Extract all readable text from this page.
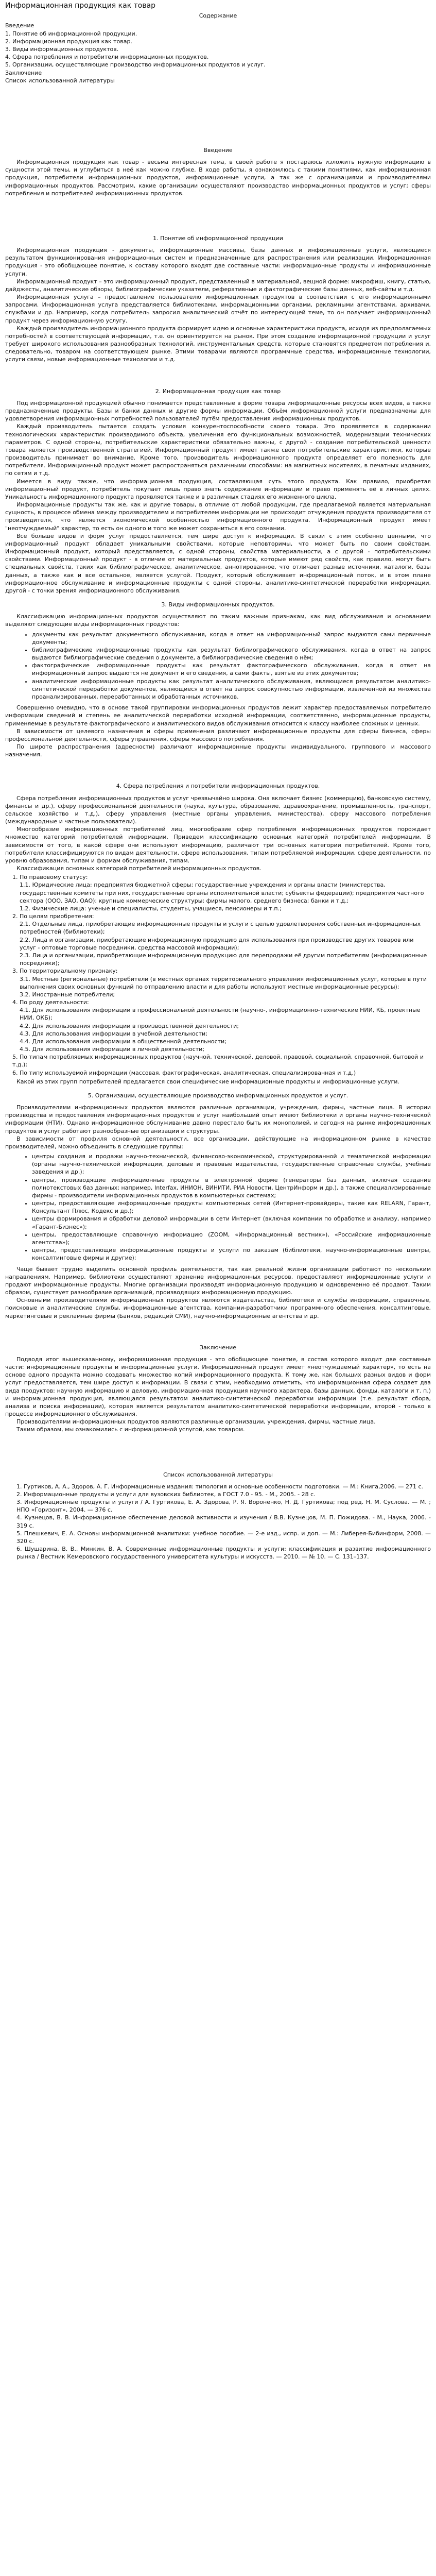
Информационная продукция как товар
Содержание
Введение
1. Понятие об информационной продукции.
2. Информационная продукция как товар.
3. Виды информационных продуктов.
4. Сфера потребления и потребители информационных продуктов.
5. Организации, осуществляющие производство информационных продуктов и услуг.
Заключение
Список использованной литературы
Введение

Информационная продукция как товар - весьма интересная тема, в своей работе я постараюсь изложить нужную информацию в сущности этой темы, и углубиться в неё как можно глубже. В ходе работы, я ознакомлюсь с такими понятиями, как информационная продукция, потребители информационных продуктов, информационные услуги, а так же с организациями и производителями информационных продуктов. Рассмотрим, какие организации осуществляют производство информационных продуктов и услуг; сферы потребления и потребителей информационных продуктов.

1. Понятие об информационной продукции

Информационная продукция - документы, информационные массивы, базы данных и информационные услуги, являющиеся результатом функционирования информационных систем и предназначенные для распространения или реализации. Информационная продукция - это обобщающее понятие, к составу которого входят две составные части: информационные продукты и информационные услуги.

Информационный продукт – это информационный продукт, представленный в материальной, вещной форме: микрофиш, книгу, статью, дайджесты, аналитические обзоры, библиографические указатели, реферативные и фактографические базы данных, веб-сайты и т.д.

Информационная услуга – предоставление пользователю информационных продуктов в соответствии с его информационными запросами. Информационная услуга представляется библиотеками, информационными органами, рекламными агентствами, архивами, службами и др. Например, когда потребитель запросил аналитический отчёт по интересующей теме, то он получает информационный продукт через информационную услугу.

Каждый производитель информационного продукта формирует идею и основные характеристики продукта, исходя из предполагаемых потребностей в соответствующей информации, т.е. он ориентируется на рынок. При этом создание информационной продукции и услуг требует широкого использования разнообразных технологий, инструментальных средств, которые становятся предметом потребления и, следовательно, товаром на соответствующем рынке. Этими товарами являются программные средства, информационные технологии, услуги связи, новые информационные технологии и т.д.

2. Информационная продукция как товар

Под информационной продукцией обычно понимается представленные в форме товара информационные ресурсы всех видов, а также предназначенные продукты. Базы и банки данных и другие формы информации. Объём информационной услуги предназначены для удовлетворения информационных потребностей пользователей путём предоставления информационных продуктов.

Каждый производитель пытается создать условия конкурентоспособности своего товара. Это проявляется в содержании технологических характеристик производимого объекта, увеличения его функциональных возможностей, модернизации технических параметров. С одной стороны, потребительские характеристики обязательно важны, с другой - создание потребительской ценности товара является производственной стратегией. Информационный продукт имеет также свои потребительские характеристики, которые производитель принимает во внимание. Кроме того, производитель информационного продукта определяет его полезность для потребителя. Информационный продукт может распространяться различными способами: на магнитных носителях, в печатных изданиях, по сетям и т.д.

Имеется в виду также, что информационная продукция, составляющая суть этого продукта. Как правило, приобретая информационный продукт, потребитель покупает лишь право знать содержание информации и право применять её в личных целях. Уникальность информационного продукта проявляется также и в различных стадиях его жизненного цикла.

Информационные продукты так же, как и другие товары, в отличие от любой продукции, где предлагаемой является материальная сущность, в процессе обмена между производителем и потребителем информации не происходит отчуждения продукта производителя от производителя, что является экономической особенностью информационного продукта. Информационный продукт имеет "неотчуждаемый" характер, то есть он одного и того же может сохраниться в его сознании.

Все больше видов и форм услуг предоставляется, тем шире доступ к информации. В связи с этим особенно ценными, что информационный продукт обладает уникальными свойствами, которые неповторимы, что может быть по своим свойствам. Информационный продукт, который представляется, с одной стороны, свойства материальности, а с другой - потребительскими свойствами. Информационный продукт - в отличие от материальных продуктов, которые имеют ряд свойств, как правило, могут быть специальных свойств, таких как библиографическое, аналитическое, аннотированное, что отличает разные источники, каталоги, базы данных, а также как и все остальное, является услугой. Продукт, который обслуживает информационный поток, и в этом плане информационное обслуживание и информационные продукты с одной стороны, аналитико-синтетической переработки информации, другой - с точки зрения информационного обслуживания.

3. Виды информационных продуктов.

Классификацию информационных продуктов осуществляют по таким важным признакам, как вид обслуживания и основанием выделяют следующие виды информационных продуктов:

• документы как результат документного обслуживания, когда в ответ на информационный запрос выдаются сами первичные документы;
• библиографические информационные продукты как результат библиографического обслуживания, когда в ответ на запрос выдаются библиографические сведения о документе, а библиографические сведения о нём;
• фактографические информационные продукты как результат фактографического обслуживания, когда в ответ на информационный запрос выдаются не документ и его сведения, а сами факты, взятые из этих документов;
• аналитические информационные продукты как результат аналитического обслуживания, являющиеся результатом аналитико-синтетической переработки документов, являющиеся в ответ на запрос совокупностью информации, извлеченной из множества проанализированных, переработанных и обработанных источников.

Совершенно очевидно, что в основе такой группировки информационных продуктов лежит характер предоставляемых потребителю информации сведений и степень ее аналитической переработки исходной информации, соответственно, информационные продукты, применяемые в результате фактографического и аналитического видов обслуживания относится к классу наиболее сложных и ценных.

В зависимости от целевого назначения и сферы применения различают информационные продукты для сферы бизнеса, сферы профессиональной деятельности, сферы управления, сферы массового потребления.

По широте распространения (адресности) различают информационные продукты индивидуального, группового и массового назначения.

4. Сфера потребления и потребители информационных продуктов.

Сфера потребления информационных продуктов и услуг чрезвычайно широка. Она включает бизнес (коммерцию), банковскую систему, финансы и др.), сферу профессиональной деятельности (наука, культура, образование, здравоохранение, промышленность, транспорт, сельское хозяйство и т.д.), сферу управления (местные органы управления, министерства), сферу массового потребления (международные и частные пользователи).

Многообразие информационных потребителей лиц, многообразие сфер потребления информационных продуктов порождает множество категорий потребителей информации. Приведем классификацию основных категорий потребителей информации. В зависимости от того, в какой сфере они используют информацию, различают три основных категории потребителей. Кроме того, потребители классифицируются по видам деятельности, сфере использования, типам потребляемой информации, сфере деятельности, по уровню образования, типам и формам обслуживания, типам.

Классификация основных категорий потребителей информационных продуктов.

1. По правовому статусу:
1.1. Юридические лица: предприятия бюджетной сферы; государственные учреждения и органы власти (министерства, государственные комитеты при них, государственные органы исполнительной власти; субъекты федерации); предприятия частного сектора (ООО, ЗАО, ОАО); крупные коммерческие структуры; фирмы малого, среднего бизнеса; банки и т.д.;
1.2. Физические лица: ученые и специалисты, студенты, учащиеся, пенсионеры и т.п.;
2. По целям приобретения:
2.1. Отдельные лица, приобретающие информационные продукты и услуги с целью удовлетворения собственных информационных потребностей (библиотеки);
2.2. Лица и организации, приобретающие информационную продукцию для использования при производстве других товаров или услуг - оптовые торговые посредники, средства массовой информации);
2.3. Лица и организации, приобретающие информационную продукцию для перепродажи её другим потребителям (информационные посредники);
3. По территориальному признаку:
3.1. Местные (региональные) потребители (в местных органах территориального управления информационных услуг, которые в пути выполнения своих основных функций по отправлению власти и для работы используют местные информационные ресурсы);
3.2. Иностранные потребители;
4. По роду деятельности:
4.1. Для использования информации в профессиональной деятельности (научно-, информационно-технические НИИ, КБ, проектные НИИ, ОКБ);
4.2. Для использования информации в производственной деятельности;
4.3. Для использования информации в учебной деятельности;
4.4. Для использования информации в общественной деятельности;
4.5. Для использования информации в личной деятельности;
5. По типам потребляемых информационных продуктов (научной, технической, деловой, правовой, социальной, справочной, бытовой и т.д.);
6. По типу используемой информации (массовая, фактографическая, аналитическая, специализированная и т.д.)

Какой из этих групп потребителей предлагается свои специфические информационные продукты и информационные услуги.

5. Организации, осуществляющие производство информационных продуктов и услуг.

Производителями информационных продуктов являются различные организации, учреждения, фирмы, частные лица. В истории производства и предоставления информационных продуктов и услуг наибольший опыт имеют библиотеки и органы научно-технической информации (НТИ). Однако информационное обслуживание давно перестало быть их монополией, и сегодня на рынке информационных продуктов и услуг работают разнообразные организации и структуры.

В зависимости от профиля основной деятельности, все организации, действующие на информационном рынке в качестве производителей, можно объединить в следующие группы:

• центры создания и продажи научно-технической, финансово-экономической, структурированной и тематической информации (органы научно-технической информации, деловые и правовые издательства, государственные справочные службы, учебные заведения и др.);
• центры, производящие информационные продукты в электронной форме (генераторы баз данных, включая создание полнотекстовых баз данных; например, Interfax, ИНИОН, ВИНИТИ, РИА Новости, ЦентрИнформ и др.), а также специализированные фирмы - производители информационных продуктов в компьютерных системах;
• центры, предоставляющие информационные продукты компьютерных сетей (Интернет-провайдеры, такие как RELARN, Гарант, Консультант Плюс, Кодекс и др.);
• центры формирования и обработки деловой информации в сети Интернет (включая компании по обработке и анализу, например «Гарант-Бизнес»);
• центры, предоставляющие справочную информацию (ZOOM, «Информационный вестник»), «Российские информационные агентства»);
• центры, предоставляющие информационные продукты и услуги по заказам (библиотеки, научно-информационные центры, консалтинговые фирмы и другие);

Чаще бывает трудно выделить основной профиль деятельности, так как реальной жизни организации работают по нескольким направлениям. Например, библиотеки осуществляют хранение информационных ресурсов, предоставляют информационные услуги и продают информационные продукты. Многие организации производят информационную продукцию и одновременно её продают. Таким образом, существует разнообразие организаций, производящих информационную продукцию.

Основными производителями информационных продуктов являются издательства, библиотеки и службы информации, справочные, поисковые и аналитические службы, информационные агентства, компании-разработчики программного обеспечения, консалтинговые, маркетинговые и рекламные фирмы (Банков, редакций СМИ), научно-информационные агентства и др.

Заключение

Подводя итог вышесказанному, информационная продукция - это обобщающее понятие, в состав которого входит две составные части: информационные продукты и информационные услуги. Информационный продукт имеет «неотчуждаемый характер», то есть на основе одного продукта можно создавать множество копий информационного продукта. К тому же, как больших разных видов и форм услуг предоставляется, тем шире доступ к информации. В связи с этим, необходимо отметить, что информационная сфера создает два вида продуктов: научную информацию и деловую, информационная продукция научного характера, базы данных, фонды, каталоги и т. п.) и информационная продукция, являющаяся результатом аналитико-синтетической переработки информации (т.е. результат сбора, анализа и поиска информации), которая является результатом аналитико-синтетической переработки информации, второй - только в процессе информационного обслуживания.

Производителями информационных продуктов являются различные организации, учреждения, фирмы, частные лица.

Таким образом, мы ознакомились с информационной услугой, как товаром.

Список использованной литературы
1. Гуртиков, А. А., Здоров, А. Г. Информационные издания: типология и основные особенности подготовки. — М.: Книга,2006. — 271 с.
2. Информационные продукты и услуги для вузовских библиотек, а ГОСТ 7.0 - 95. - М., 2005. - 28 с.
3. Информационные продукты и услуги / А. Гуртикова, Е. А. Здорова, Р. Я. Вороненко, Н. Д. Гуртикова; под ред. Н. М. Суслова. — М. ; НПО «Горизонт», 2004. — 376 с.
4. Кузнецов, В. В. Информационное обеспечение деловой активности и изучения / В.В. Кузнецов, М. П. Пожидова. - М., Наука, 2006. - 319 с.
5. Плешкевич, Е. А. Основы информационной аналитики: учебное пособие. — 2-е изд., испр. и доп. — М.: Либерея-Бибинформ, 2008. — 320 с.
6. Шушарина, В. В., Минкин, В. А. Современные информационные продукты и услуги: классификация и развитие информационного рынка / Вестник Кемеровского государственного университета культуры и искусств. — 2010. — № 10. — С. 131–137.
